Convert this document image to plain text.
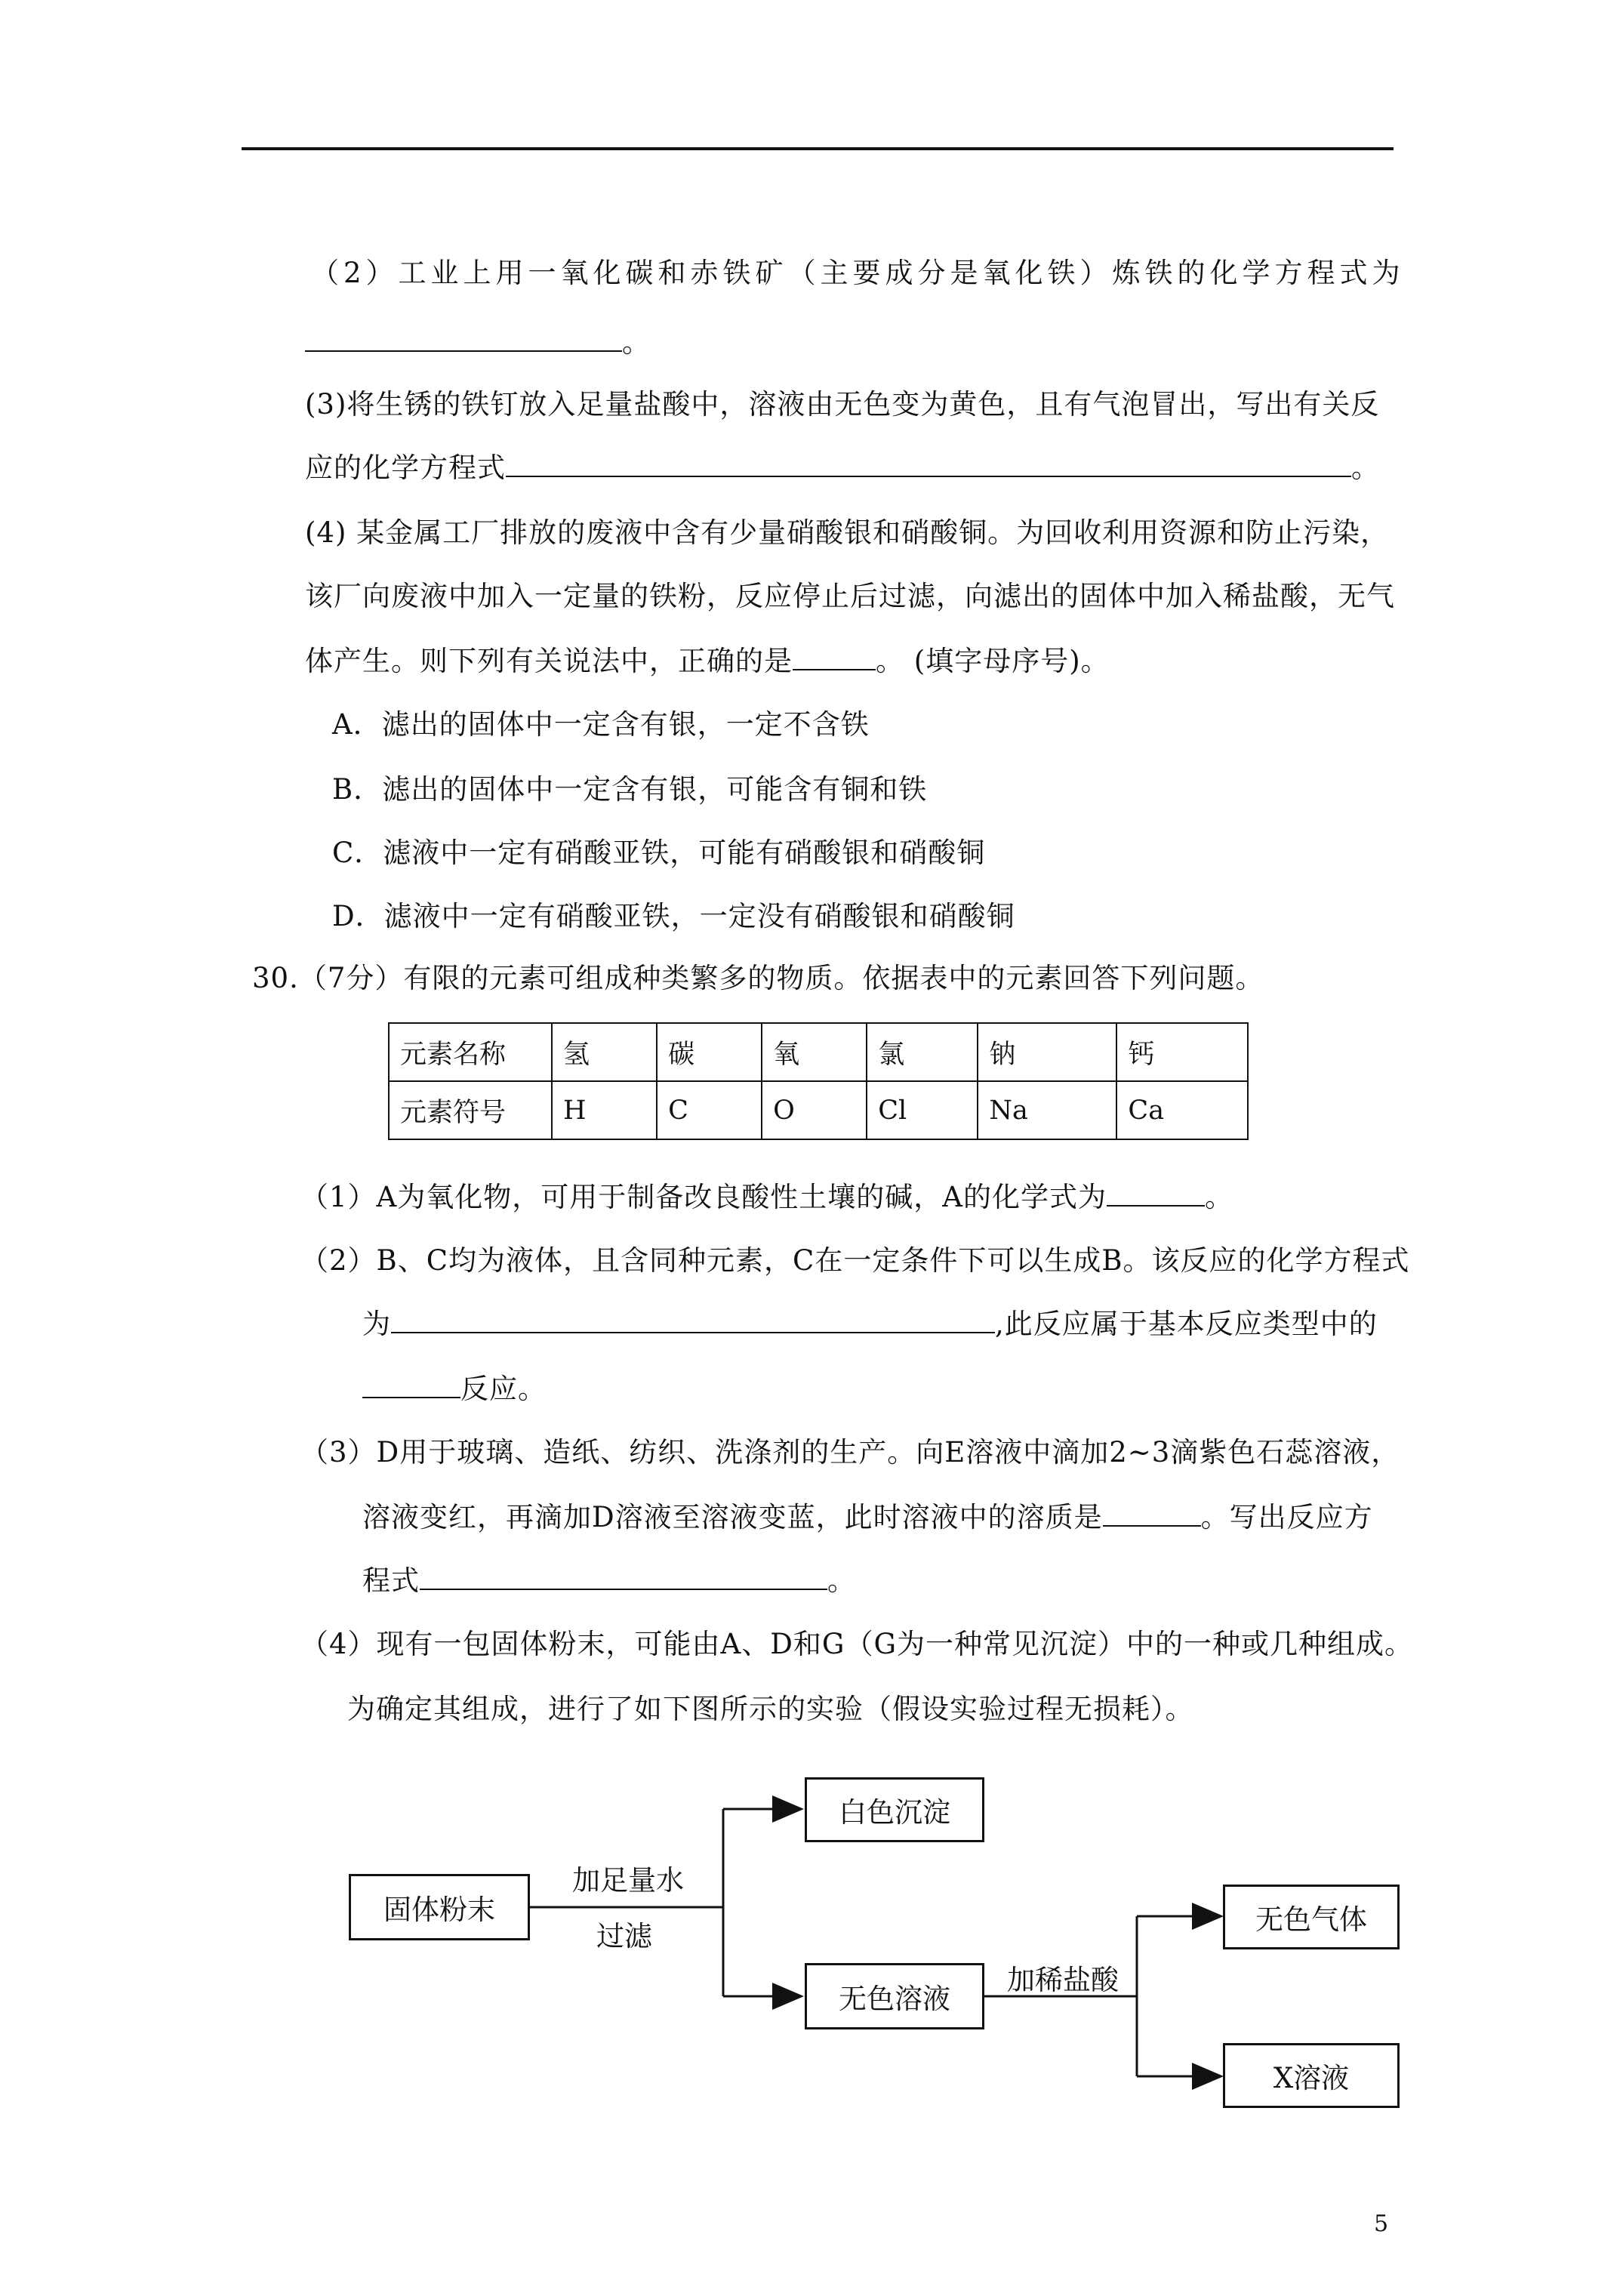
（2）工业上用一氧化碳和赤铁矿（主要成分是氧化铁）炼铁的化学方程式为
。
(3)将生锈的铁钉放入足量盐酸中，溶液由无色变为黄色，且有气泡冒出，写出有关反
应的化学方程式	。
(4) 某金属工厂排放的废液中含有少量硝酸银和硝酸铜。为回收利用资源和防止污染，
该厂向废液中加入一定量的铁粉，反应停止后过滤，向滤出的固体中加入稀盐酸，无气
体产生。则下列有关说法中，正确的是	。 (填字母序号)。
A．滤出的固体中一定含有银，一定不含铁
B．滤出的固体中一定含有银，可能含有铜和铁
C．滤液中一定有硝酸亚铁，可能有硝酸银和硝酸铜
D．滤液中一定有硝酸亚铁，一定没有硝酸银和硝酸铜
30.（7分）有限的元素可组成种类繁多的物质。依据表中的元素回答下列问题。
元素名称	氢	碳	氧	氯	钠	钙
元素符号	H	C	O	Cl	Na	Ca
（1）A为氧化物，可用于制备改良酸性土壤的碱，A的化学式为	。
（2）B、C均为液体，且含同种元素，C在一定条件下可以生成B。该反应的化学方程式
为	,此反应属于基本反应类型中的
反应。
（3）D用于玻璃、造纸、纺织、洗涤剂的生产。向E溶液中滴加2~3滴紫色石蕊溶液，
溶液变红，再滴加D溶液至溶液变蓝，此时溶液中的溶质是	。写出反应方
程式	。
（4）现有一包固体粉末，可能由A、D和G（G为一种常见沉淀）中的一种或几种组成。
为确定其组成，进行了如下图所示的实验（假设实验过程无损耗）。
固体粉末
加足量水
过滤
白色沉淀
无色溶液
加稀盐酸
无色气体
X溶液
5
